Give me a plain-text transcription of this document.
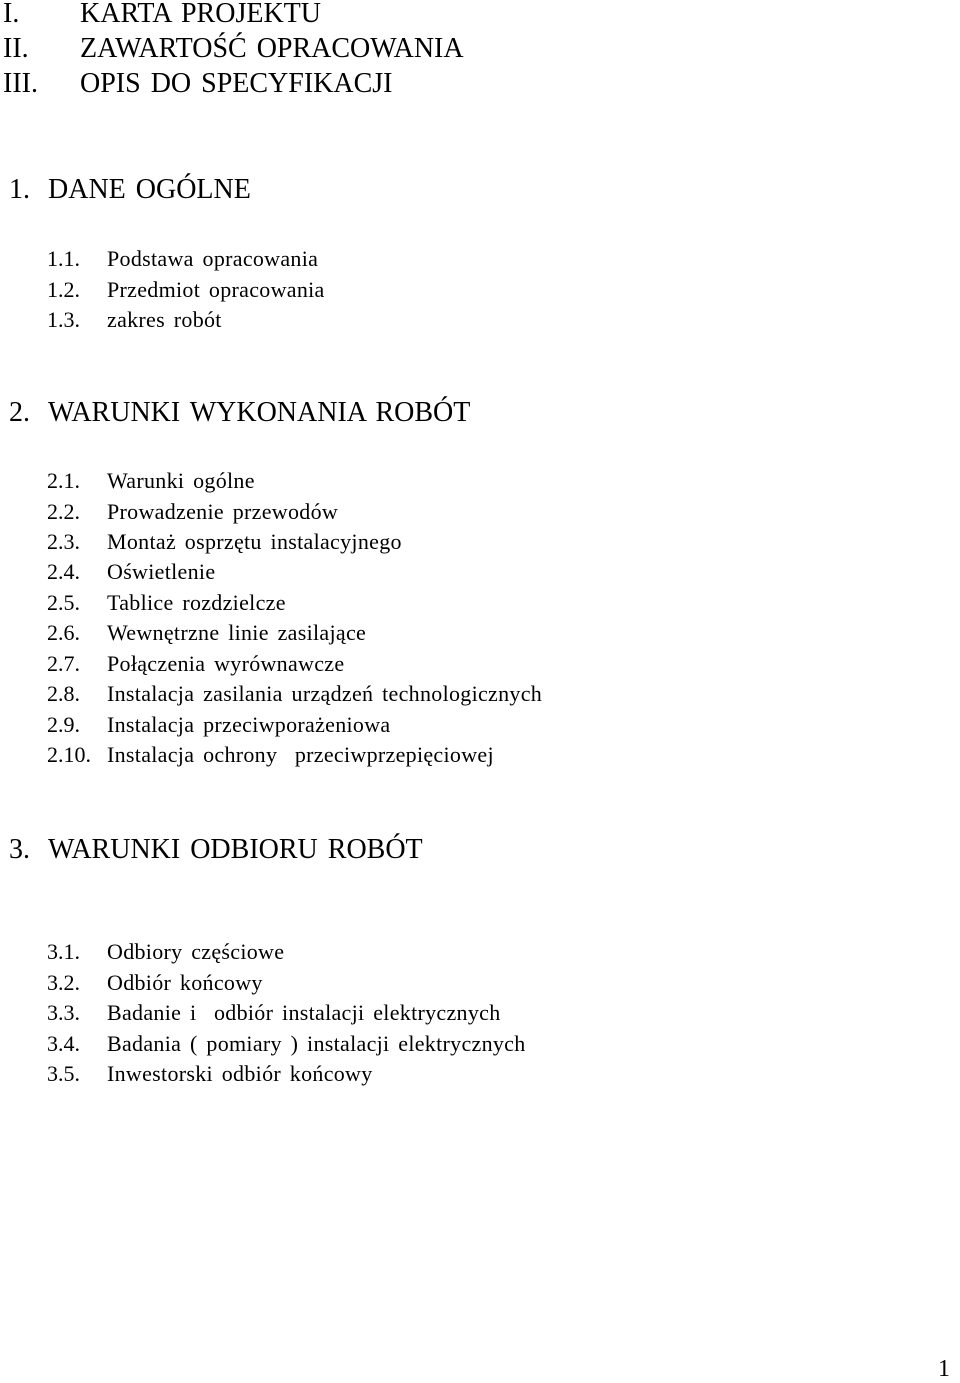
I. KARTA PROJEKTU
II. ZAWARTOŚĆ OPRACOWANIA
III. OPIS DO SPECYFIKACJI
1. DANE OGÓLNE
1.1. Podstawa opracowania
1.2. Przedmiot opracowania
1.3. zakres robót
2. WARUNKI WYKONANIA ROBÓT
2.1. Warunki ogólne
2.2. Prowadzenie przewodów
2.3. Montaż osprzętu instalacyjnego
2.4. Oświetlenie
2.5. Tablice rozdzielcze
2.6. Wewnętrzne linie zasilające
2.7. Połączenia wyrównawcze
2.8. Instalacja zasilania urządzeń technologicznych
2.9. Instalacja przeciwporażeniowa
2.10. Instalacja ochrony  przeciwprzepięciowej
3. WARUNKI ODBIORU ROBÓT
3.1. Odbiory częściowe
3.2. Odbiór końcowy
3.3. Badanie i  odbiór instalacji elektrycznych
3.4. Badania ( pomiary ) instalacji elektrycznych
3.5. Inwestorski odbiór końcowy
1
